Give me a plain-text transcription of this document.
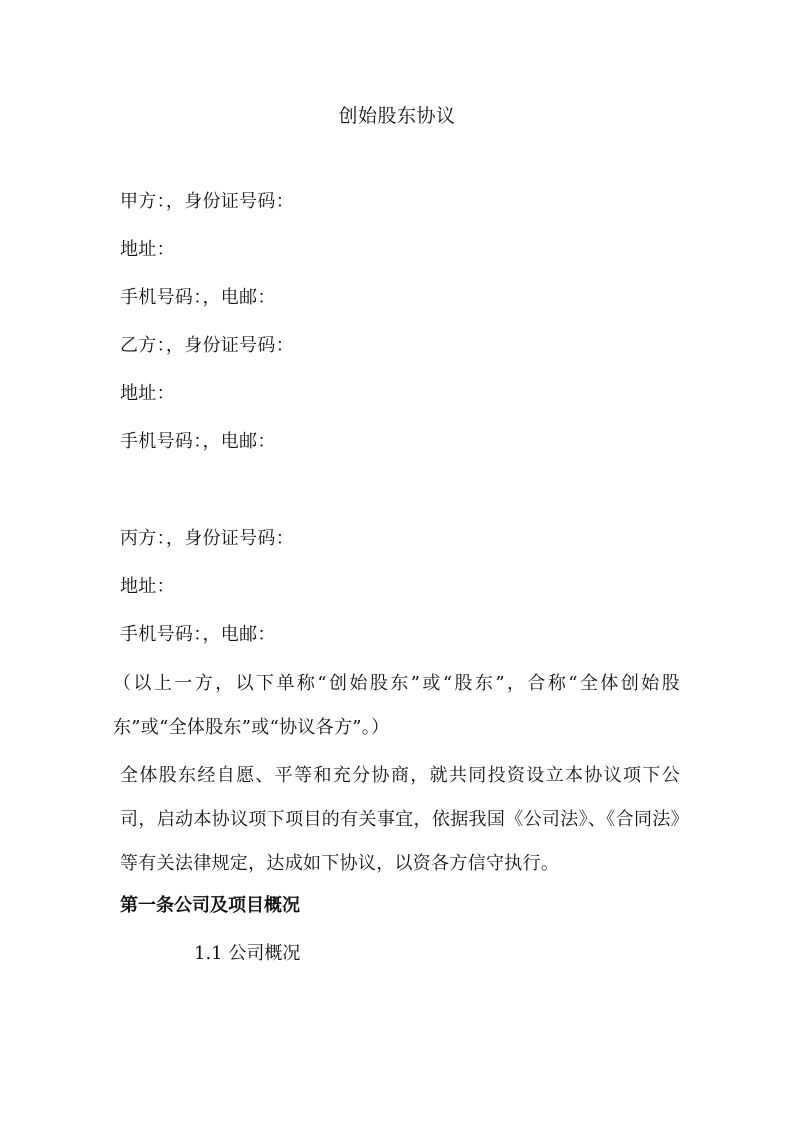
创始股东协议
甲方：，身份证号码：
地址：
手机号码：，电邮：
乙方：，身份证号码：
地址：
手机号码：，电邮：
丙方：，身份证号码：
地址：
手机号码：，电邮：
（以上一方，以下单称“创始股东”或“股东”，合称“全体创始股东”或“全体股东”或“协议各方”。）
全体股东经自愿、平等和充分协商，就共同投资设立本协议项下公司，启动本协议项下项目的有关事宜，依据我国《公司法》、《合同法》等有关法律规定，达成如下协议，以资各方信守执行。
第一条公司及项目概况
1.1 公司概况
